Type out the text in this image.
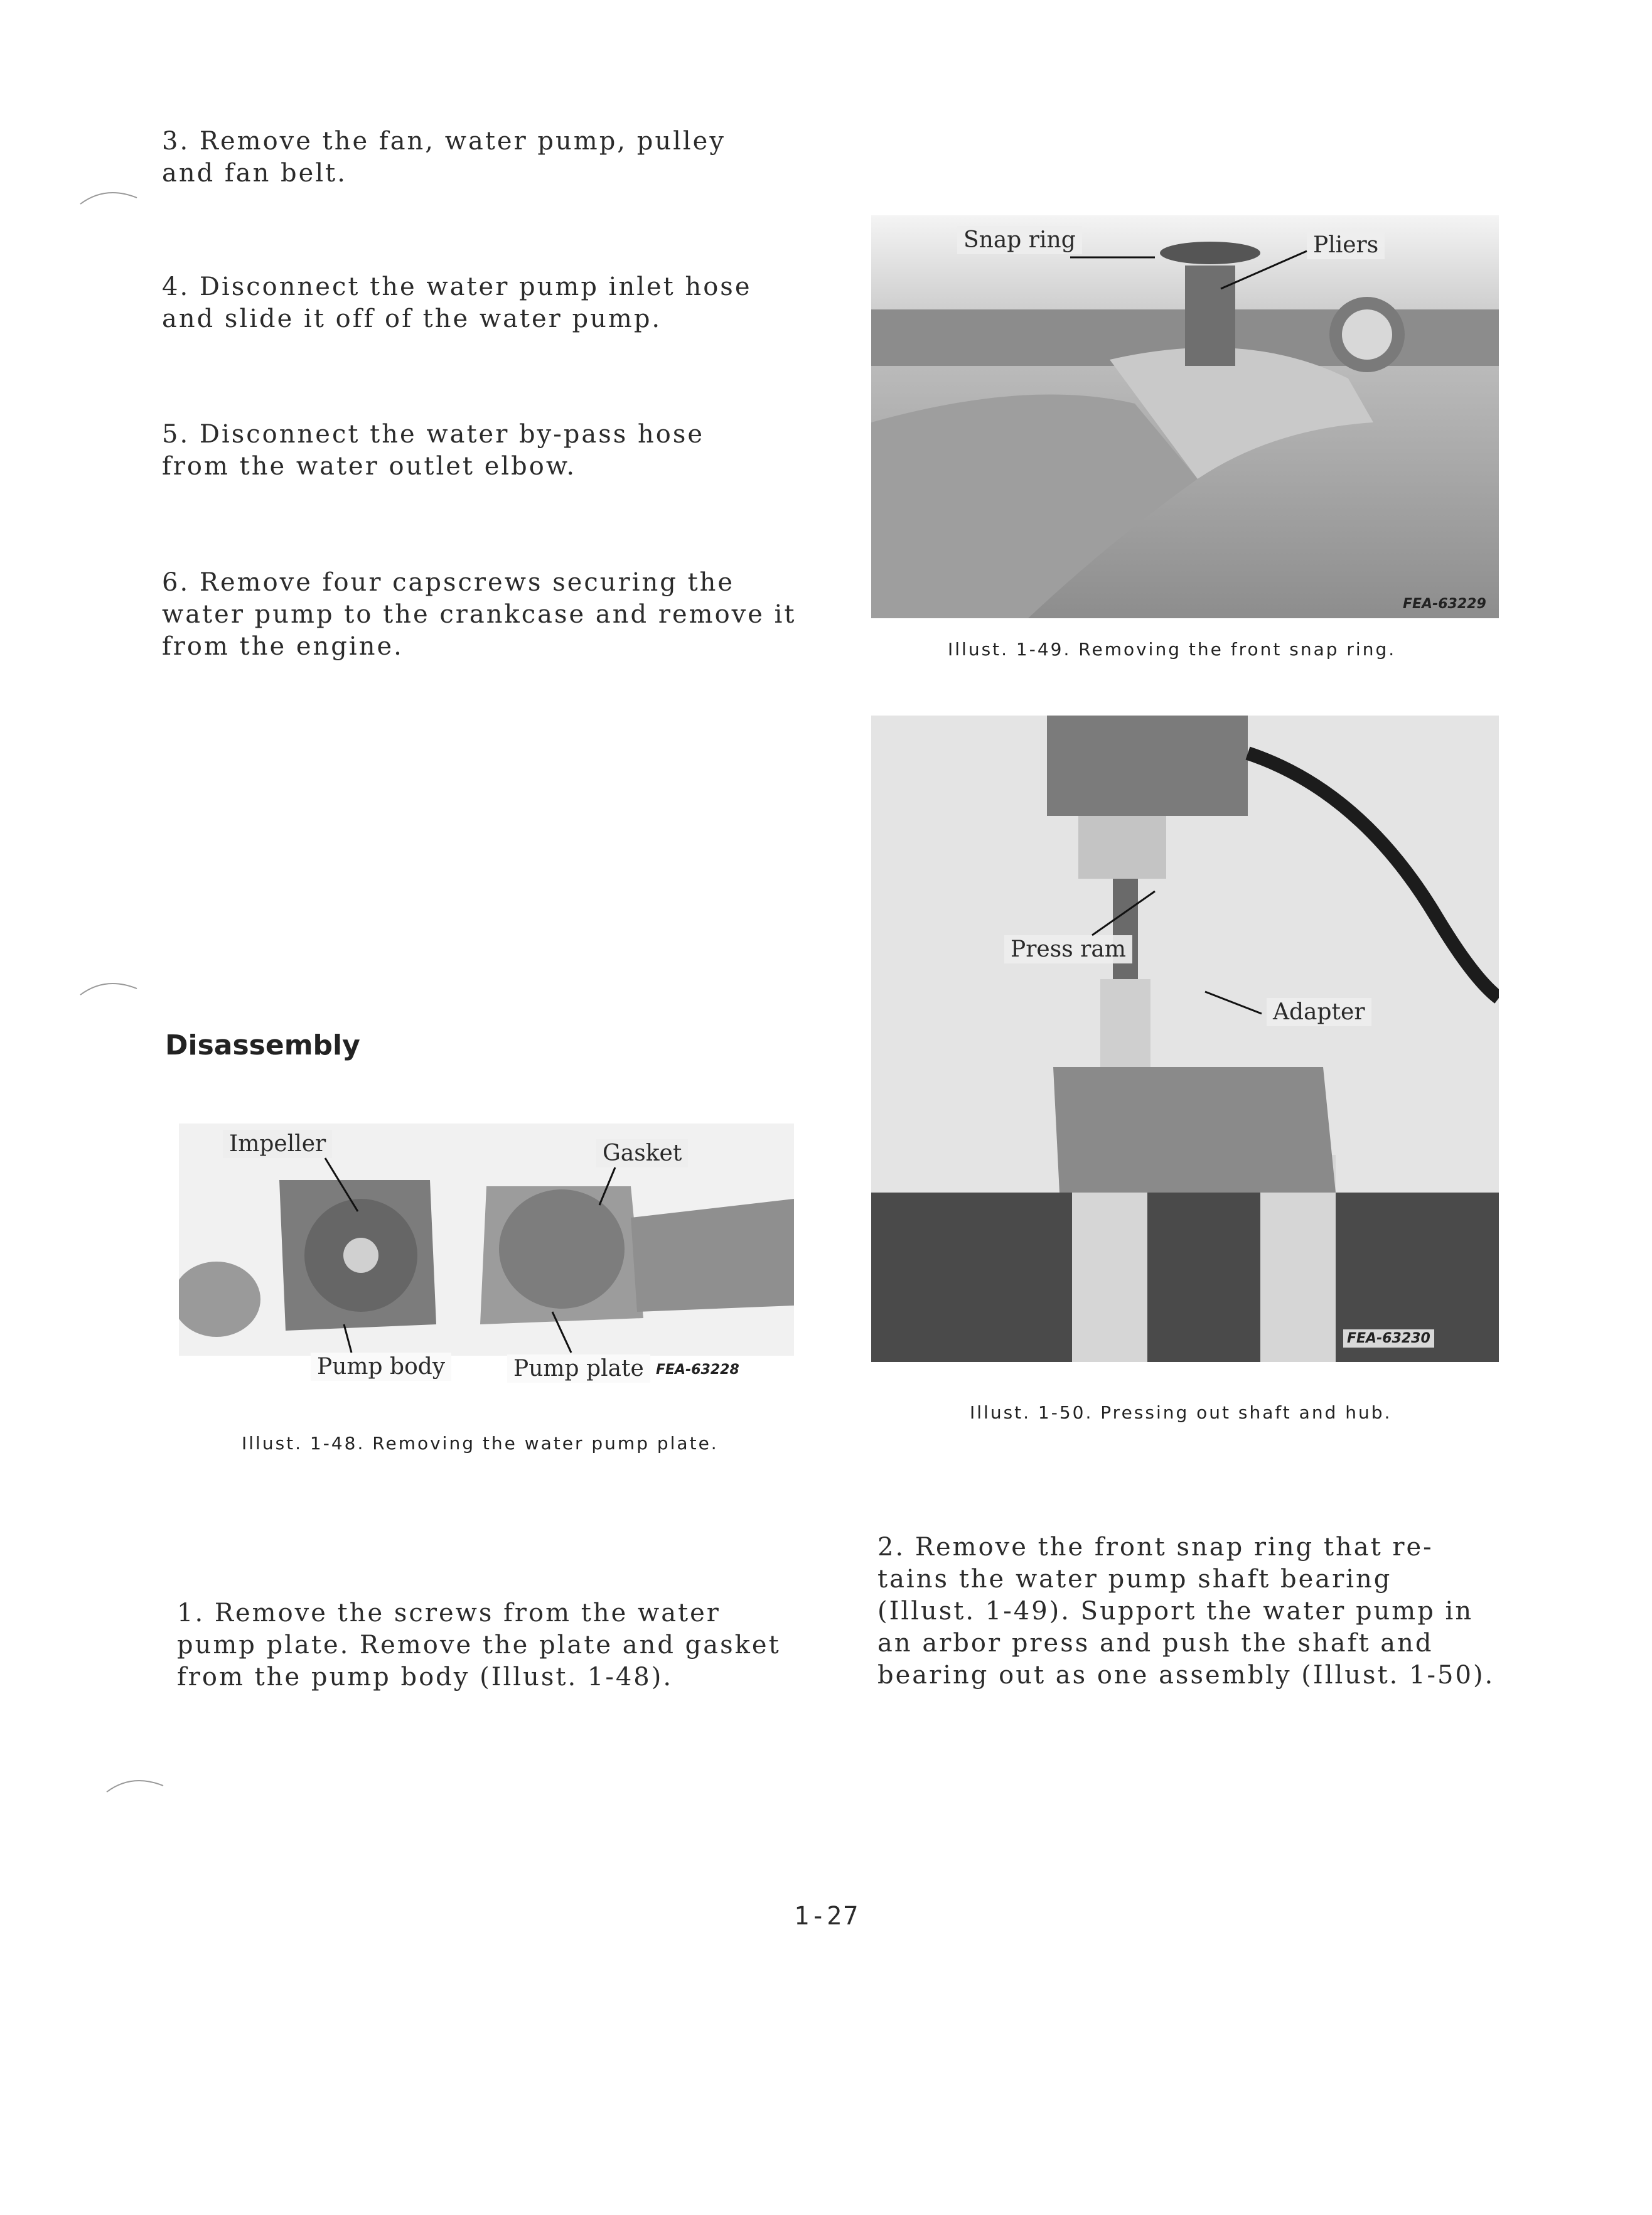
3. Remove the fan, water pump, pulley
and fan belt.

4. Disconnect the water pump inlet hose
and slide it off of the water pump.

5. Disconnect the water by-pass hose
from the water outlet elbow.

6. Remove four capscrews securing the
water pump to the crankcase and remove it
from the engine.

Snap ring	Pliers
FEA-63229

Illust. 1-49. Removing the front snap ring.

Press ram
Adapter
FEA-63230

Illust. 1-50. Pressing out shaft and hub.

Disassembly
Impeller	Gasket
Pump body	Pump plate FEA-63228

Illust. 1-48. Removing the water pump plate.

1. Remove the screws from the water
pump plate. Remove the plate and gasket
from the pump body (Illust. 1-48).

2. Remove the front snap ring that re-
tains the water pump shaft bearing
(Illust. 1-49). Support the water pump in
an arbor press and push the shaft and
bearing out as one assembly (Illust. 1-50).

1-27
